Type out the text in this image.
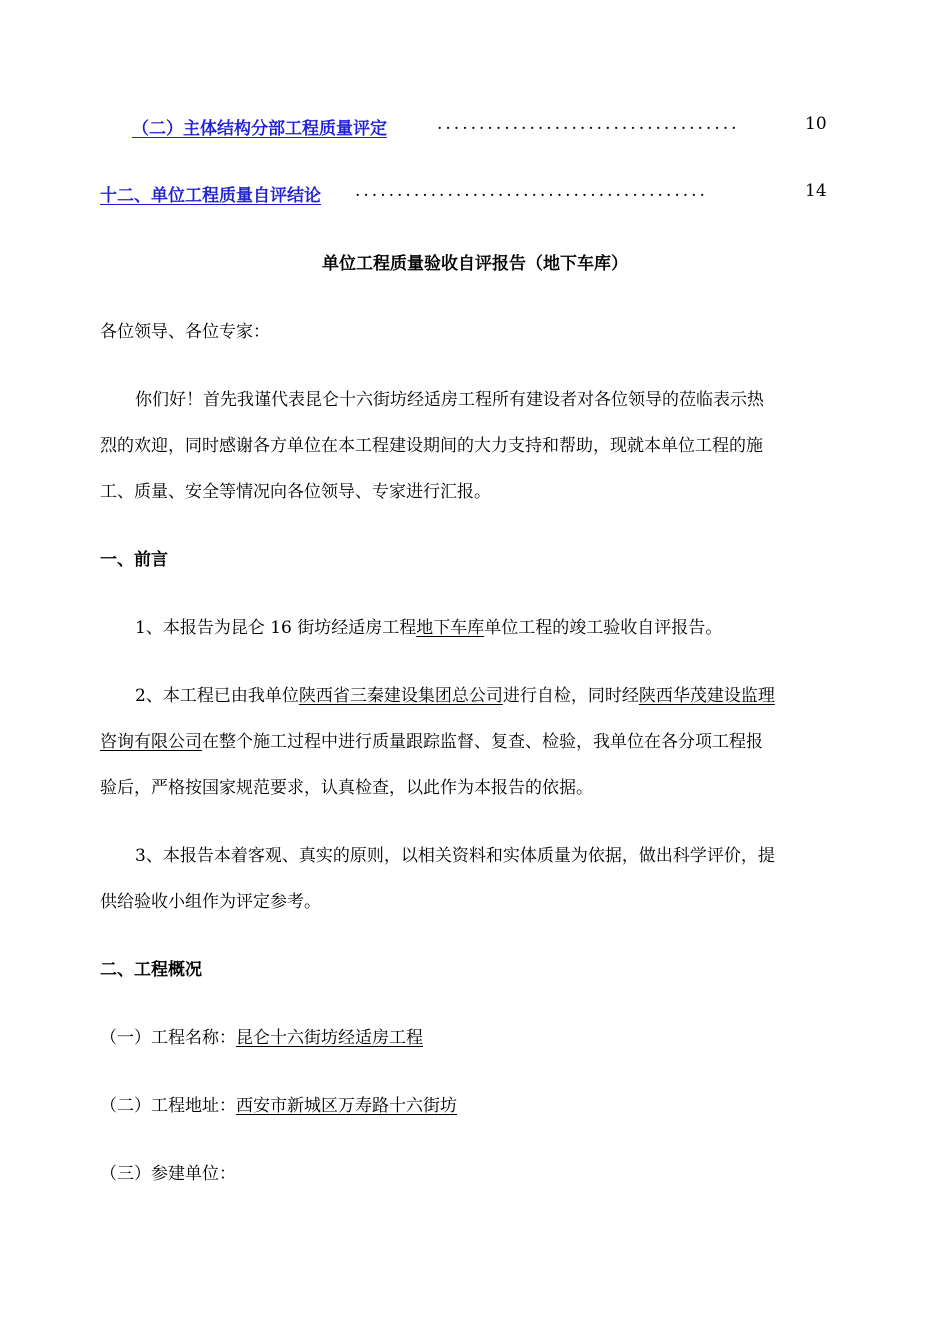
（二）主体结构分部工程质量评定	....................................	10
十二、单位工程质量自评结论 ..........................................	14
单位工程质量验收自评报告（地下车库）
各位领导、各位专家：
你们好！首先我谨代表昆仑十六街坊经适房工程所有建设者对各位领导的莅临表示热
烈的欢迎，同时感谢各方单位在本工程建设期间的大力支持和帮助，现就本单位工程的施
工、质量、安全等情况向各位领导、专家进行汇报。
一、前言
1、本报告为昆仑 16 街坊经适房工程地下车库单位工程的竣工验收自评报告。
2、本工程已由我单位陕西省三秦建设集团总公司进行自检，同时经陕西华茂建设监理
咨询有限公司在整个施工过程中进行质量跟踪监督、复查、检验，我单位在各分项工程报
验后，严格按国家规范要求，认真检查，以此作为本报告的依据。
3、本报告本着客观、真实的原则，以相关资料和实体质量为依据，做出科学评价，提
供给验收小组作为评定参考。
二、工程概况
（一）工程名称：昆仑十六街坊经适房工程
（二）工程地址：西安市新城区万寿路十六街坊
（三）参建单位：
